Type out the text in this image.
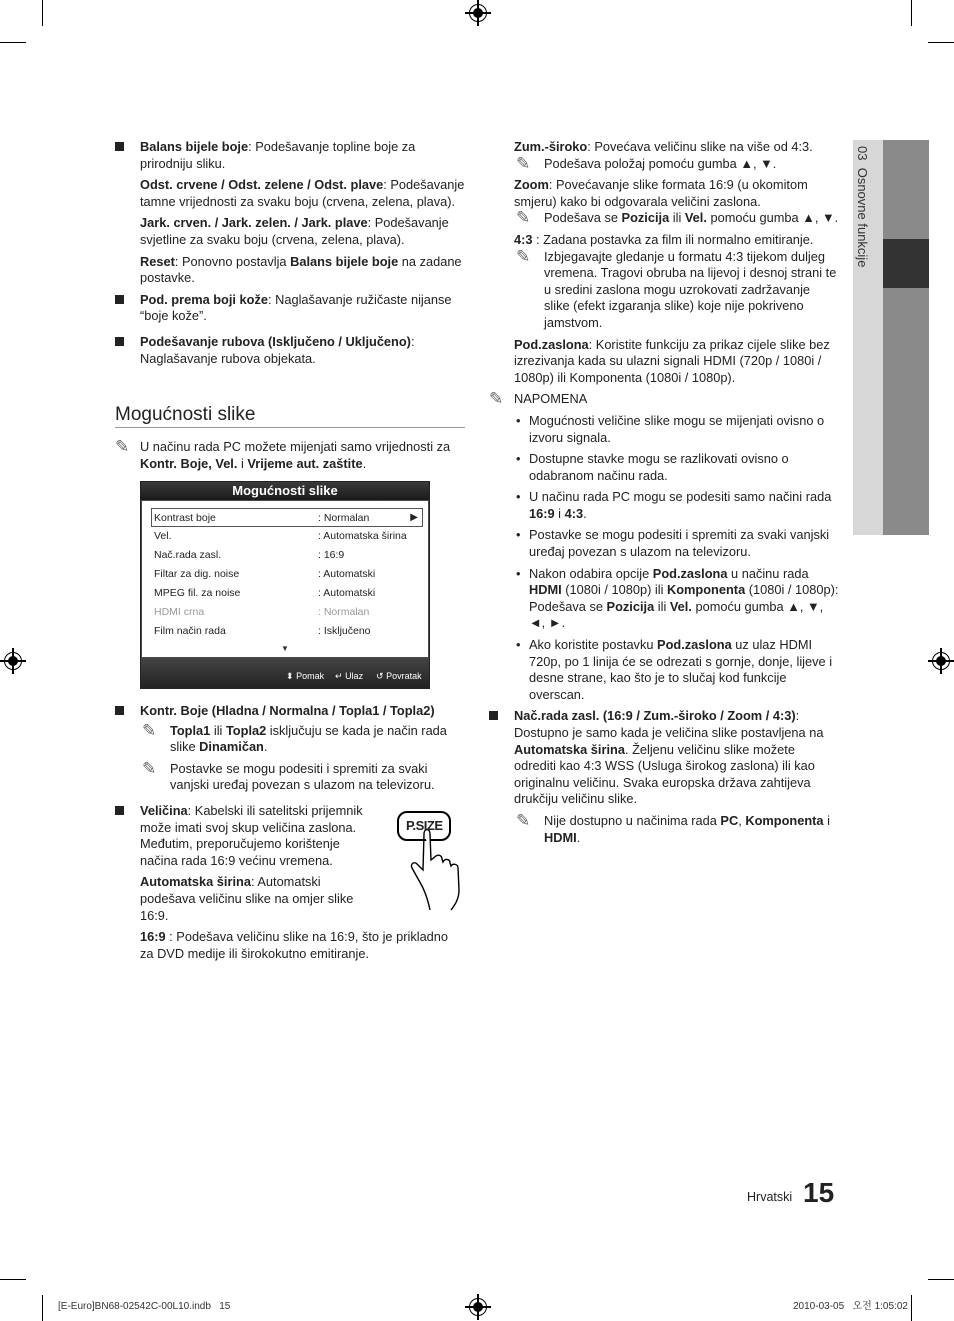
03  Osnovne funkcije

Balans bijele boje: Podešavanje topline boje za prirodniju sliku.

Odst. crvene / Odst. zelene / Odst. plave: Podešavanje tamne vrijednosti za svaku boju (crvena, zelena, plava).

Jark. crven. / Jark. zelen. / Jark. plave: Podešavanje svjetline za svaku boju (crvena, zelena, plava).

Reset: Ponovno postavlja Balans bijele boje na zadane postavke.

Pod. prema boji kože: Naglašavanje ružičaste nijanse “boje kože”.

Podešavanje rubova (Isključeno / Uključeno): Naglašavanje rubova objekata.

Mogućnosti slike
✎ U načinu rada PC možete mijenjati samo vrijednosti za Kontr. Boje, Vel. i Vrijeme aut. zaštite.

Mogućnosti slike
Kontrast boje	: Normalan	▶
Vel.	: Automatska širina
Nač.rada zasl.	: 16:9
Filtar za dig. noise	: Automatski
MPEG fil. za noise	: Automatski
HDMI crna	: Normalan
Film način rada	: Isključeno
▼
⬍ Pomak ↵ Ulaz ↺ Povratak

Kontr. Boje (Hladna / Normalna / Topla1 / Topla2)

✎ Topla1 ili Topla2 isključuju se kada je način rada slike Dinamičan.

✎ Postavke se mogu podesiti i spremiti za svaki vanjski uređaj povezan s ulazom na televizoru.

Veličina: Kabelski ili satelitski prijemnik može imati svoj skup veličina zaslona. Međutim, preporučujemo korištenje načina rada 16:9 većinu vremena.

Automatska širina: Automatski podešava veličinu slike na omjer slike 16:9.

16:9 : Podešava veličinu slike na 16:9, što je prikladno za DVD medije ili širokokutno emitiranje.

P.SIZE

Zum.-široko: Povećava veličinu slike na više od 4:3.

✎ Podešava položaj pomoću gumba ▲, ▼.

Zoom: Povećavanje slike formata 16:9 (u okomitom smjeru) kako bi odgovarala veličini zaslona.

✎ Podešava se Pozicija ili Vel. pomoću gumba ▲, ▼.

4:3 : Zadana postavka za film ili normalno emitiranje.

✎ Izbjegavajte gledanje u formatu 4:3 tijekom duljeg vremena. Tragovi obruba na lijevoj i desnoj strani te u sredini zaslona mogu uzrokovati zadržavanje slike (efekt izgaranja slike) koje nije pokriveno jamstvom.

Pod.zaslona: Koristite funkciju za prikaz cijele slike bez izrezivanja kada su ulazni signali HDMI (720p / 1080i / 1080p) ili Komponenta (1080i / 1080p).

✎ NAPOMENA

• Mogućnosti veličine slike mogu se mijenjati ovisno o izvoru signala.

• Dostupne stavke mogu se razlikovati ovisno o odabranom načinu rada.

• U načinu rada PC mogu se podesiti samo načini rada 16:9 i 4:3.

• Postavke se mogu podesiti i spremiti za svaki vanjski uređaj povezan s ulazom na televizoru.

• Nakon odabira opcije Pod.zaslona u načinu rada HDMI (1080i / 1080p) ili Komponenta (1080i / 1080p): Podešava se Pozicija ili Vel. pomoću gumba ▲, ▼, ◄, ►.

• Ako koristite postavku Pod.zaslona uz ulaz HDMI 720p, po 1 linija će se odrezati s gornje, donje, lijeve i desne strane, kao što je to slučaj kod funkcije overscan.

Nač.rada zasl. (16:9 / Zum.-široko / Zoom / 4:3): Dostupno je samo kada je veličina slike postavljena na Automatska širina. Željenu veličinu slike možete odrediti kao 4:3 WSS (Usluga širokog zaslona) ili kao originalnu veličinu. Svaka europska država zahtijeva drukčiju veličinu slike.

✎ Nije dostupno u načinima rada PC, Komponenta i HDMI.

Hrvatski 15
[E-Euro]BN68-02542C-00L10.indb   15	2010-03-05   오전 1:05:02
